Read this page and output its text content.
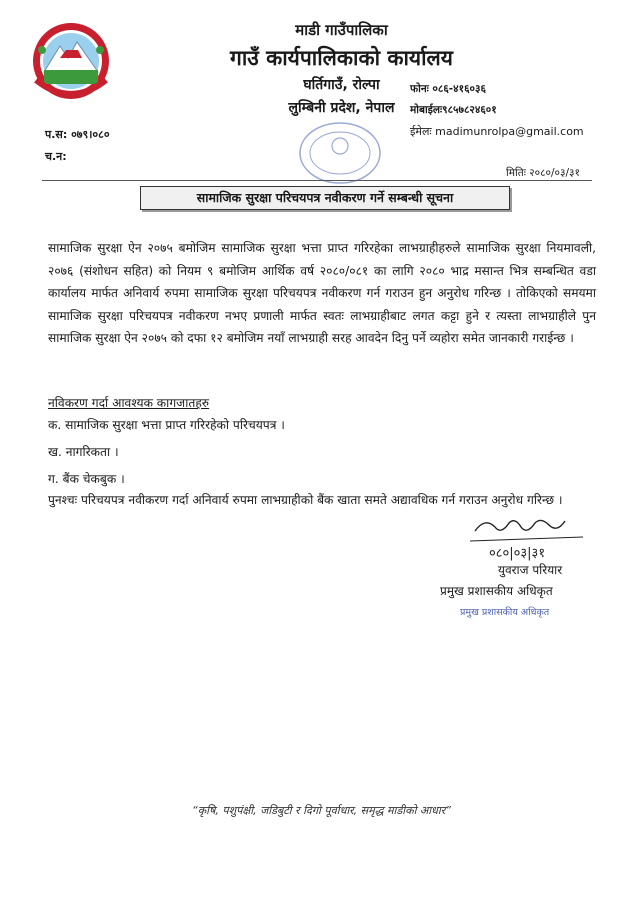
माडी गाउँपालिका
गाउँ कार्यपालिकाको कार्यालय
घर्तिगाउँ, रोल्पा
लुम्बिनी प्रदेश, नेपाल
फोनः ०८६-४१६०३६
मोबाईलः९८५७८२४६०१
ईमेलः madimunrolpa@gmail.com
प.स: ०७९।०८०
च.न:
मितिः २०८०/०३/३१
सामाजिक सुरक्षा परिचयपत्र नवीकरण गर्ने सम्बन्धी सूचना
सामाजिक सुरक्षा ऐन २०७५ बमोजिम सामाजिक सुरक्षा भत्ता प्राप्त गरिरहेका लाभग्राहीहरुले सामाजिक सुरक्षा नियमावली, २०७६ (संशोधन सहित) को नियम ९ बमोजिम आर्थिक वर्ष २०८०/०८१ का लागि २०८० भाद्र मसान्त भित्र सम्बन्धित वडा कार्यालय मार्फत अनिवार्य रुपमा सामाजिक सुरक्षा परिचयपत्र नवीकरण गर्न गराउन हुन अनुरोध गरिन्छ । तोकिएको समयमा सामाजिक सुरक्षा परिचयपत्र नवीकरण नभए प्रणाली मार्फत स्वतः लाभग्राहीबाट लगत कट्टा हुने र त्यस्ता लाभग्राहीले पुन सामाजिक सुरक्षा ऐन २०७५ को दफा १२ बमोजिम नयाँ लाभग्राही सरह आवदेन दिनु पर्ने व्यहोरा समेत जानकारी गराईन्छ ।
नविकरण गर्दा आवश्यक कागजातहरु
क. सामाजिक सुरक्षा भत्ता प्राप्त गरिरहेको परिचयपत्र ।
ख. नागरिकता ।
ग. बैंक चेकबुक ।
पुनश्चः परिचयपत्र नवीकरण गर्दा अनिवार्य रुपमा लाभग्राहीको बैंक खाता समते अद्यावधिक गर्न गराउन अनुरोध गरिन्छ ।
०८०|०३|३१
युवराज परियार
प्रमुख प्रशासकीय अधिकृत
प्रमुख प्रशासकीय अधिकृत
“कृषि, पशुपंक्षी, जडिबुटी र दिगो पूर्वाधार, समृद्ध माडीको आधार”
